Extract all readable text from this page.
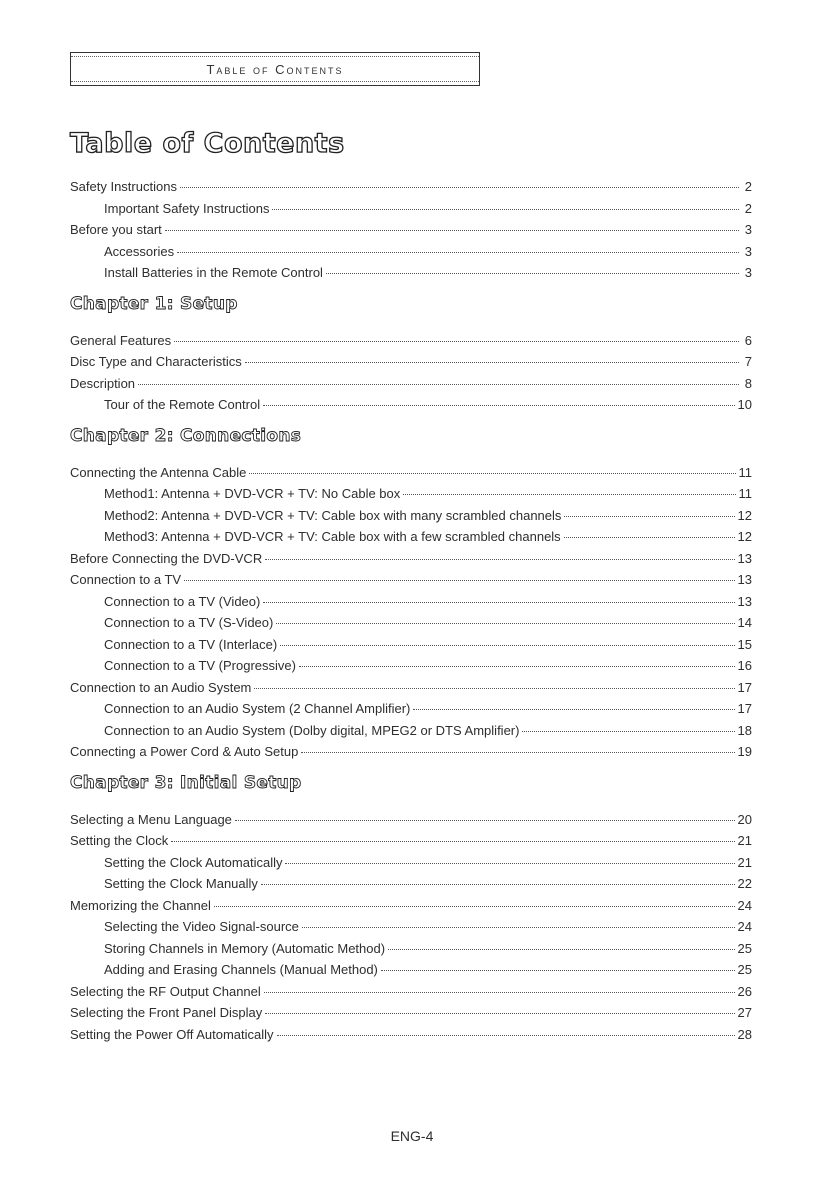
Table of Contents
Table of Contents
Safety Instructions	2
Important Safety Instructions	2
Before you start	3
Accessories	3
Install Batteries in the Remote Control	3
Chapter 1: Setup
General Features	6
Disc Type and Characteristics	7
Description	8
Tour of the Remote Control	10
Chapter 2: Connections
Connecting the Antenna Cable	11
Method1: Antenna + DVD-VCR + TV: No Cable box	11
Method2: Antenna + DVD-VCR + TV: Cable box with many scrambled channels	12
Method3: Antenna + DVD-VCR + TV: Cable box with a few scrambled channels	12
Before Connecting the DVD-VCR	13
Connection to a TV	13
Connection to a TV (Video)	13
Connection to a TV (S-Video)	14
Connection to a TV (Interlace)	15
Connection to a TV (Progressive)	16
Connection to an Audio System	17
Connection to an Audio System (2 Channel Amplifier)	17
Connection to an Audio System (Dolby digital, MPEG2 or DTS Amplifier)	18
Connecting a Power Cord & Auto Setup	19
Chapter 3: Initial Setup
Selecting a Menu Language	20
Setting the Clock	21
Setting the Clock Automatically	21
Setting the Clock Manually	22
Memorizing the Channel	24
Selecting the Video Signal-source	24
Storing Channels in Memory (Automatic Method)	25
Adding and Erasing Channels (Manual Method)	25
Selecting the RF Output Channel	26
Selecting the Front Panel Display	27
Setting the Power Off Automatically	28
ENG-4
